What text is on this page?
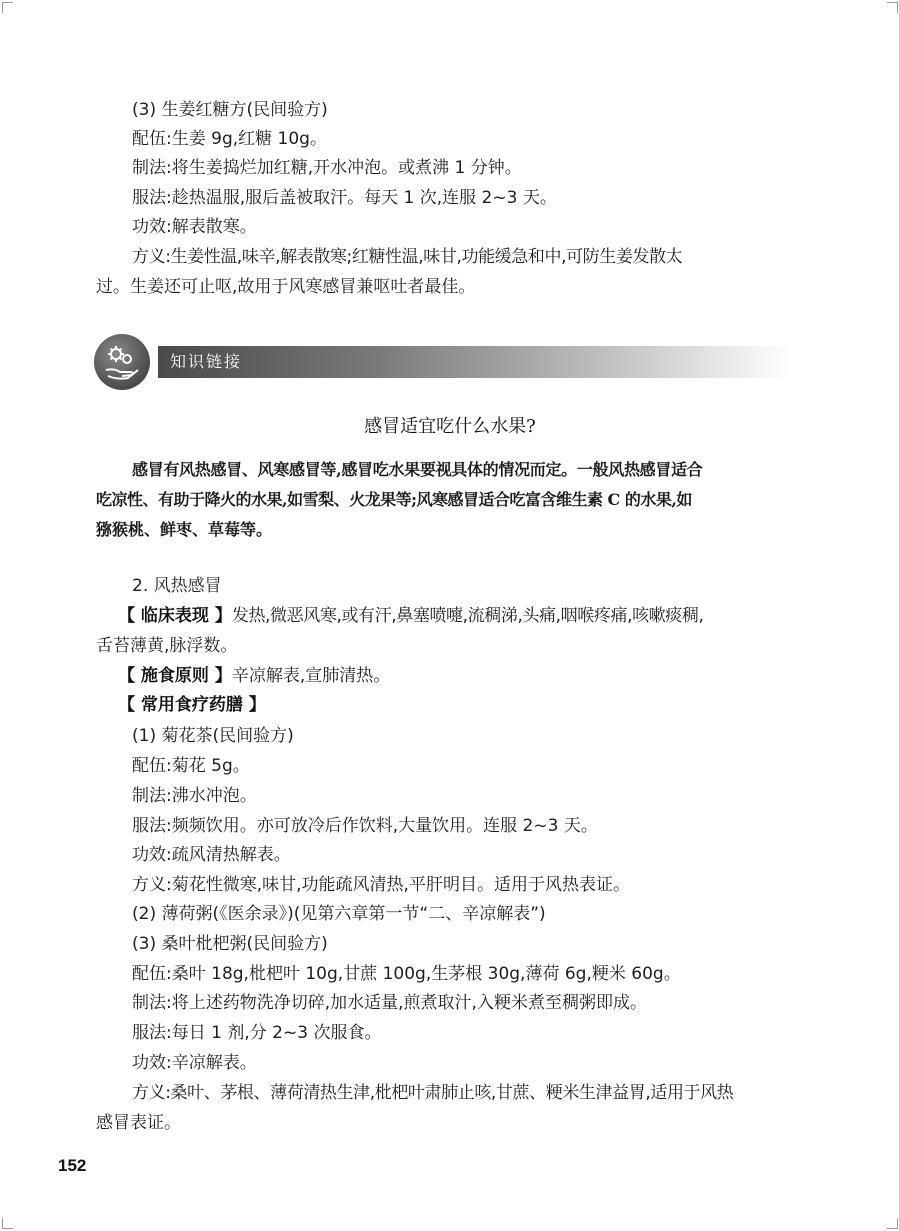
(3) 生姜红糖方(民间验方)
配伍:生姜 9g,红糖 10g。
制法:将生姜捣烂加红糖,开水冲泡。或煮沸 1 分钟。
服法:趁热温服,服后盖被取汗。每天 1 次,连服 2~3 天。
功效:解表散寒。
方义:生姜性温,味辛,解表散寒;红糖性温,味甘,功能缓急和中,可防生姜发散太
过。生姜还可止呕,故用于风寒感冒兼呕吐者最佳。
知识链接
感冒适宜吃什么水果?
感冒有风热感冒、风寒感冒等,感冒吃水果要视具体的情况而定。一般风热感冒适合
吃凉性、有助于降火的水果,如雪梨、火龙果等;风寒感冒适合吃富含维生素 C 的水果,如
猕猴桃、鲜枣、草莓等。
2. 风热感冒
【 临床表现 】发热,微恶风寒,或有汗,鼻塞喷嚏,流稠涕,头痛,咽喉疼痛,咳嗽痰稠,
舌苔薄黄,脉浮数。
【 施食原则 】辛凉解表,宣肺清热。
【 常用食疗药膳 】
(1) 菊花茶(民间验方)
配伍:菊花 5g。
制法:沸水冲泡。
服法:频频饮用。亦可放冷后作饮料,大量饮用。连服 2~3 天。
功效:疏风清热解表。
方义:菊花性微寒,味甘,功能疏风清热,平肝明目。适用于风热表证。
(2) 薄荷粥(《医余录》)(见第六章第一节“二、辛凉解表”)
(3) 桑叶枇杷粥(民间验方)
配伍:桑叶 18g,枇杷叶 10g,甘蔗 100g,生茅根 30g,薄荷 6g,粳米 60g。
制法:将上述药物洗净切碎,加水适量,煎煮取汁,入粳米煮至稠粥即成。
服法:每日 1 剂,分 2~3 次服食。
功效:辛凉解表。
方义:桑叶、茅根、薄荷清热生津,枇杷叶肃肺止咳,甘蔗、粳米生津益胃,适用于风热
感冒表证。
152
